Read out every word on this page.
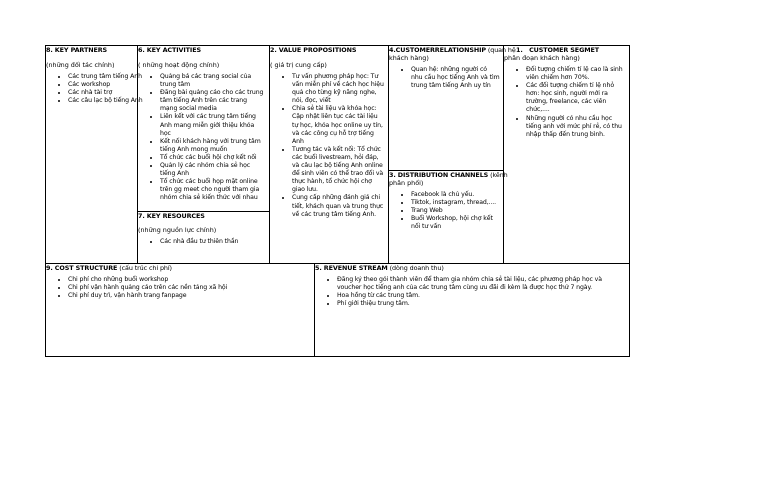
8. KEY PARTNERS
(những đối tác chính)
• Các trung tâm tiếng Anh
• Các workshop
• Các nhà tài trợ
• Các câu lạc bộ tiếng Anh
6. KEY ACTIVITIES
( những hoạt động chính)
• Quảng bá các trang social của trung tâm
• Đăng bài quảng cáo cho các trung tâm tiếng Anh trên các trang mạng social media
• Liên kết với các trung tâm tiếng Anh mang miễn giới thiệu khóa học
• Kết nối khách hàng với trung tâm tiếng Anh mong muốn
• Tổ chức các buổi hội chợ kết nối
• Quản lý các nhóm chia sẻ học tiếng Anh
• Tổ chức các buổi họp mặt online trên gg meet cho người tham gia nhóm chia sẻ kiến thức với nhau
7. KEY RESOURCES
(những nguồn lực chính)
• Các nhà đầu tư thiên thần
2. VALUE PROPOSITIONS
( giá trị cung cấp)
• Tư vấn phương pháp học: Tư vấn miễn phí về cách học hiệu quả cho từng kỹ năng nghe, nói, đọc, viết
• Chia sẻ tài liệu và khóa học: Cập nhật liên tục các tài liệu tự học, khóa học online uy tín, và các công cụ hỗ trợ tiếng Anh
• Tương tác và kết nối: Tổ chức các buổi livestream, hỏi đáp, và câu lạc bộ tiếng Anh online để sinh viên có thể trao đổi và thực hành, tổ chức hội chợ giao lưu.
• Cung cấp những đánh giá chi tiết, khách quan và trung thực về các trung tâm tiếng Anh.
4.CUSTOMERRELATIONSHIP (quan hệ
khách hàng)
• Quan hệ: những người có nhu cầu học tiếng Anh và tìm trung tâm tiếng Anh uy tín
3. DISTRIBUTION CHANNELS (kênh
phân phối)
• Facebook là chủ yếu.
• Tiktok, instagram, thread,....
• Trang Web
• Buổi Workshop, hội chợ kết nối tư vấn
1. CUSTOMER SEGMET
phân đoạn khách hàng)
• Đối tượng chiếm tỉ lệ cao là sinh viên chiếm hơn 70%.
• Các đối tượng chiếm tỉ lệ nhỏ hơn: học sinh, người mới ra trường, freelance, các viên chức,....
• Những người có nhu cầu học tiếng anh với mức phí rẻ, có thu nhập thấp đến trung bình.
9. COST STRUCTURE (cấu trúc chi phí)
• Chi phí cho những buổi workshop
• Chi phí vận hành quảng cáo trên các nền tảng xã hội
• Chi phí duy trì, vận hành trang fanpage
5. REVENUE STREAM (dòng doanh thu)
• Đăng ký theo gói thành viên để tham gia nhóm chia sẻ tài liệu, các phương pháp học và voucher học tiếng anh của các trung tâm cùng ưu đãi đi kèm là được học thử 7 ngày.
• Hoa hồng từ các trung tâm.
• Phí giới thiệu trung tâm.
